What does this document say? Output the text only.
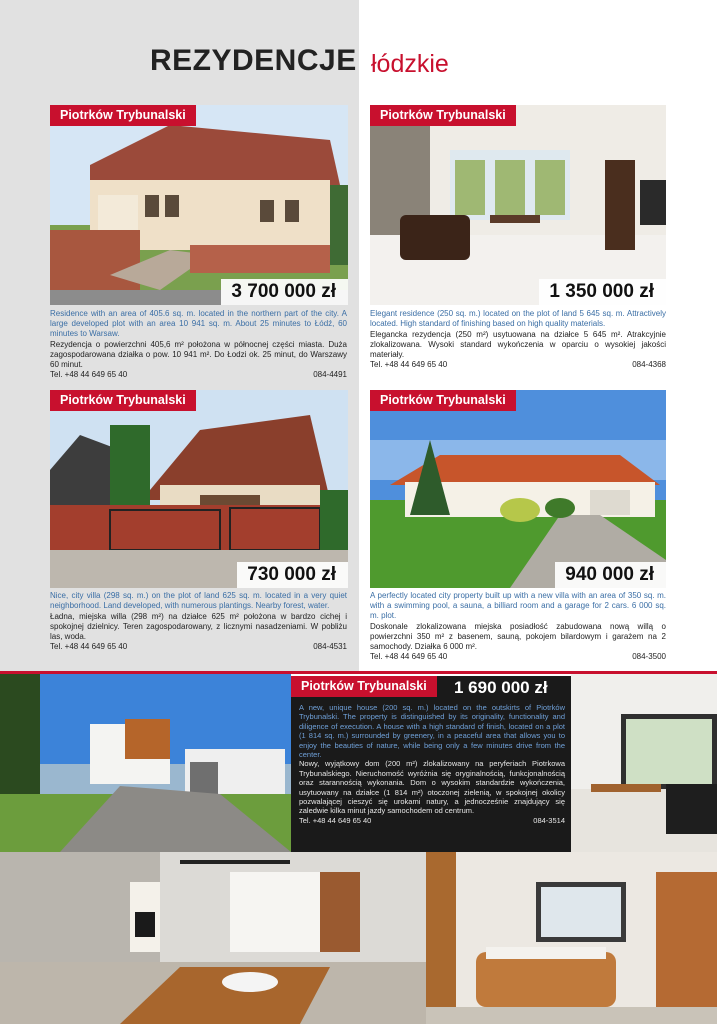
REZYDENCJE łódzkie
Piotrków Trybunalski
3 700 000 zł
Residence with an area of 405.6 sq. m. located in the northern part of the city. A large developed plot with an area 10 941 sq. m. About 25 minutes to Łódź, 60 minutes to Warsaw.
Rezydencja o powierzchni 405,6 m² położona w północnej części miasta. Duża zagospodarowana działka o pow. 10 941 m². Do Łodzi ok. 25 minut, do Warszawy 60 minut.
Tel. +48 44 649 65 40	084-4491
Piotrków Trybunalski
1 350 000 zł
Elegant residence (250 sq. m.) located on the plot of land 5 645 sq. m. Attractively located. High standard of finishing based on high quality materials.
Elegancka rezydencja (250 m²) usytuowana na działce 5 645 m². Atrakcyjnie zlokalizowana. Wysoki standard wykończenia w oparciu o wysokiej jakości materiały.
Tel. +48 44 649 65 40	084-4368
Piotrków Trybunalski
730 000 zł
Nice, city villa (298 sq. m.) on the plot of land 625 sq. m. located in a very quiet neighborhood. Land developed, with numerous plantings. Nearby forest, water.
Ładna, miejska willa (298 m²) na działce 625 m² położona w bardzo cichej i spokojnej dzielnicy. Teren zagospodarowany, z licznymi nasadzeniami. W pobliżu las, woda.
Tel. +48 44 649 65 40	084-4531
Piotrków Trybunalski
940 000 zł
A perfectly located city property built up with a new villa with an area of 350 sq. m. with a swimming pool, a sauna, a billiard room and a garage for 2 cars. 6 000 sq. m. plot.
Doskonale zlokalizowana miejska posiadłość zabudowana nową willą o powierzchni 350 m² z basenem, sauną, pokojem bilardowym i garażem na 2 samochody. Działka 6 000 m².
Tel. +48 44 649 65 40	084-3500
Piotrków Trybunalski	1 690 000 zł
A new, unique house (200 sq. m.) located on the outskirts of Piotrków Trybunalski. The property is distinguished by its originality, functionality and diligence of execution. A house with a high standard of finish, located on a plot (1 814 sq. m.) surrounded by greenery, in a peaceful area that allows you to enjoy the beauties of nature, while being only a few minutes drive from the center.
Nowy, wyjątkowy dom (200 m²) zlokalizowany na peryferiach Piotrkowa Trybunalskiego. Nieruchomość wyróżnia się oryginalnością, funkcjonalnością oraz starannością wykonania. Dom o wysokim standardzie wykończenia, usytuowany na działce (1 814 m²) otoczonej zielenią, w spokojnej okolicy pozwalającej cieszyć się urokami natury, a jednocześnie znajdujący się zaledwie kilka minut jazdy samochodem od centrum.
Tel. +48 44 649 65 40	084-3514
